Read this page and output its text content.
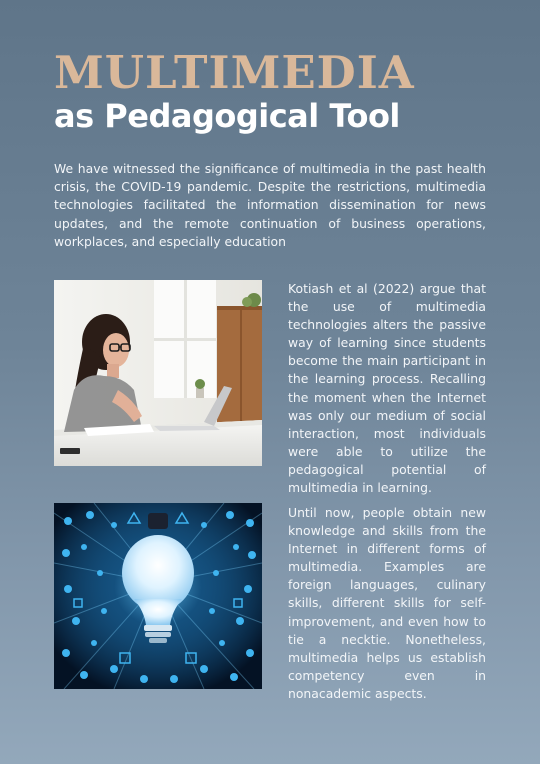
MULTIMEDIA
as Pedagogical Tool
We have witnessed the significance of multimedia in the past health crisis, the COVID-19 pandemic. Despite the restrictions, multimedia technologies facilitated the information dissemination for news updates, and the remote continuation of business operations, workplaces, and especially education
Kotiash et al (2022) argue that the use of multimedia technologies alters the passive way of learning since students become the main participant in the learning process. Recalling the moment when the Internet was only our medium of social interaction, most individuals were able to utilize the pedagogical potential of multimedia in learning.
Until now, people obtain new knowledge and skills from the Internet in different forms of multimedia. Examples are foreign languages, culinary skills, different skills for self-improvement, and even how to tie a necktie. Nonetheless, multimedia helps us establish competency even in nonacademic aspects.
